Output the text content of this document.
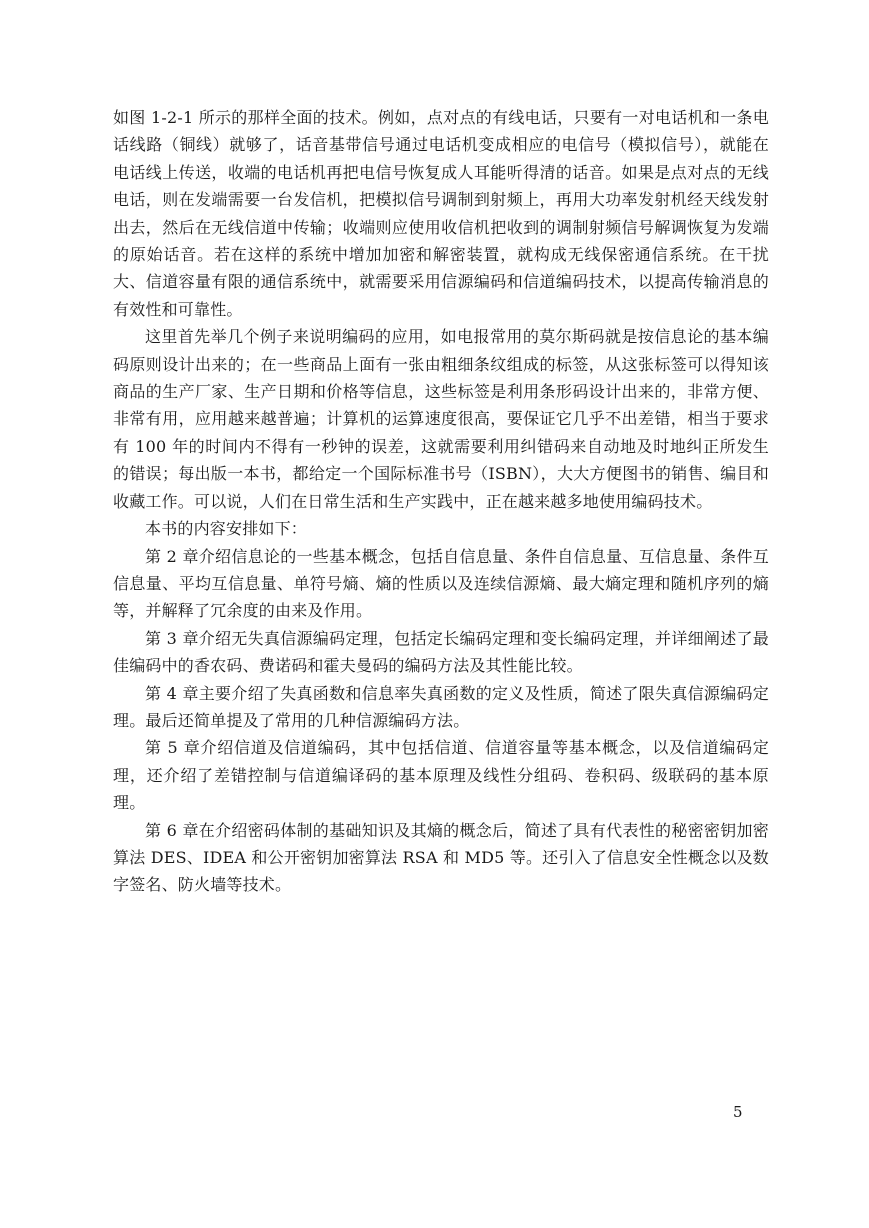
如图 1-2-1 所示的那样全面的技术。例如，点对点的有线电话，只要有一对电话机和一条电话线路（铜线）就够了，话音基带信号通过电话机变成相应的电信号（模拟信号），就能在电话线上传送，收端的电话机再把电信号恢复成人耳能听得清的话音。如果是点对点的无线电话，则在发端需要一台发信机，把模拟信号调制到射频上，再用大功率发射机经天线发射出去，然后在无线信道中传输；收端则应使用收信机把收到的调制射频信号解调恢复为发端的原始话音。若在这样的系统中增加加密和解密装置，就构成无线保密通信系统。在干扰大、信道容量有限的通信系统中，就需要采用信源编码和信道编码技术，以提高传输消息的有效性和可靠性。

这里首先举几个例子来说明编码的应用，如电报常用的莫尔斯码就是按信息论的基本编码原则设计出来的；在一些商品上面有一张由粗细条纹组成的标签，从这张标签可以得知该商品的生产厂家、生产日期和价格等信息，这些标签是利用条形码设计出来的，非常方便、非常有用，应用越来越普遍；计算机的运算速度很高，要保证它几乎不出差错，相当于要求有 100 年的时间内不得有一秒钟的误差，这就需要利用纠错码来自动地及时地纠正所发生的错误；每出版一本书，都给定一个国际标准书号（ISBN），大大方便图书的销售、编目和收藏工作。可以说，人们在日常生活和生产实践中，正在越来越多地使用编码技术。

本书的内容安排如下：

第 2 章介绍信息论的一些基本概念，包括自信息量、条件自信息量、互信息量、条件互信息量、平均互信息量、单符号熵、熵的性质以及连续信源熵、最大熵定理和随机序列的熵等，并解释了冗余度的由来及作用。

第 3 章介绍无失真信源编码定理，包括定长编码定理和变长编码定理，并详细阐述了最佳编码中的香农码、费诺码和霍夫曼码的编码方法及其性能比较。

第 4 章主要介绍了失真函数和信息率失真函数的定义及性质，简述了限失真信源编码定理。最后还简单提及了常用的几种信源编码方法。

第 5 章介绍信道及信道编码，其中包括信道、信道容量等基本概念，以及信道编码定理，还介绍了差错控制与信道编译码的基本原理及线性分组码、卷积码、级联码的基本原理。

第 6 章在介绍密码体制的基础知识及其熵的概念后，简述了具有代表性的秘密密钥加密算法 DES、IDEA 和公开密钥加密算法 RSA 和 MD5 等。还引入了信息安全性概念以及数字签名、防火墙等技术。

5
